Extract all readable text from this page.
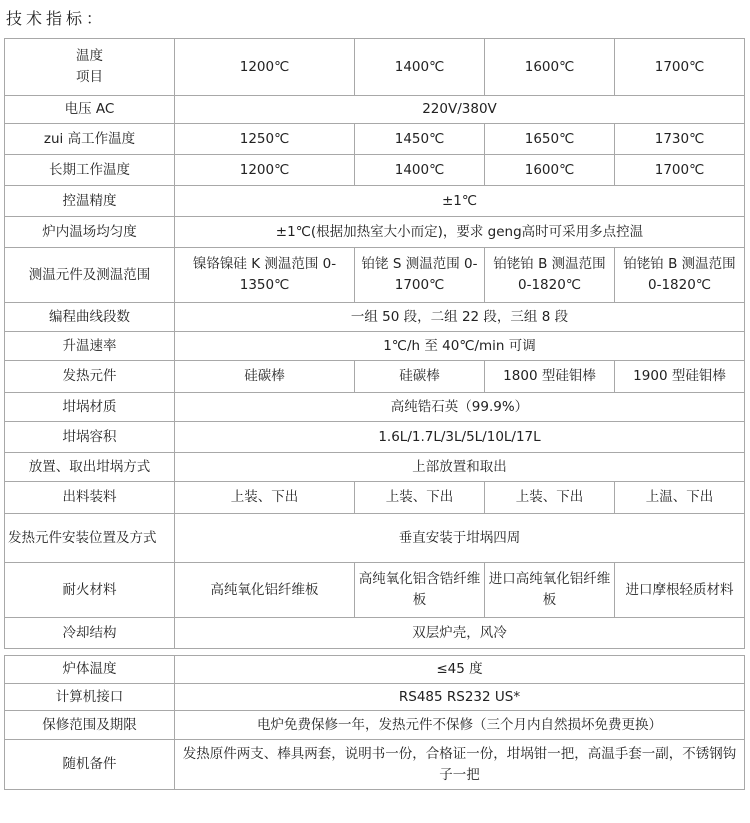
技术指标：
温度
项目	1200℃	1400℃	1600℃	1700℃
电压 AC	220V/380V			
zui 高工作温度	1250℃	1450℃	1650℃	1730℃
长期工作温度	1200℃	1400℃	1600℃	1700℃
控温精度	±1℃			
炉内温场均匀度	±1℃(根据加热室大小而定)，要求 geng高时可采用多点控温			
测温元件及测温范围	镍铬镍硅 K 测温范围 0-1350℃	铂铑 S 测温范围 0-1700℃	铂铑铂 B 测温范围 0-1820℃	铂铑铂 B 测温范围 0-1820℃
编程曲线段数	一组 50 段，二组 22 段，三组 8 段			
升温速率	1℃/h 至 40℃/min 可调			
发热元件	硅碳棒	硅碳棒	1800 型硅钼棒	1900 型硅钼棒
坩埚材质	高纯锆石英（99.9%）			
坩埚容积	1.6L/1.7L/3L/5L/10L/17L			
放置、取出坩埚方式	上部放置和取出			
出料装料	上装、下出	上装、下出	上装、下出	上温、下出
发热元件安装位置及方式	垂直安装于坩埚四周			
耐火材料	高纯氧化铝纤维板	高纯氧化铝含锆纤维板	进口高纯氧化铝纤维板	进口摩根轻质材料
冷却结构	双层炉壳，风冷			

炉体温度	≤45 度			
计算机接口	RS485 RS232 US*			
保修范围及期限	电炉免费保修一年，发热元件不保修（三个月内自然损坏免费更换）			
随机备件	发热原件两支、棒具两套，说明书一份，合格证一份，坩埚钳一把，高温手套一副，不锈钢钩子一把			
